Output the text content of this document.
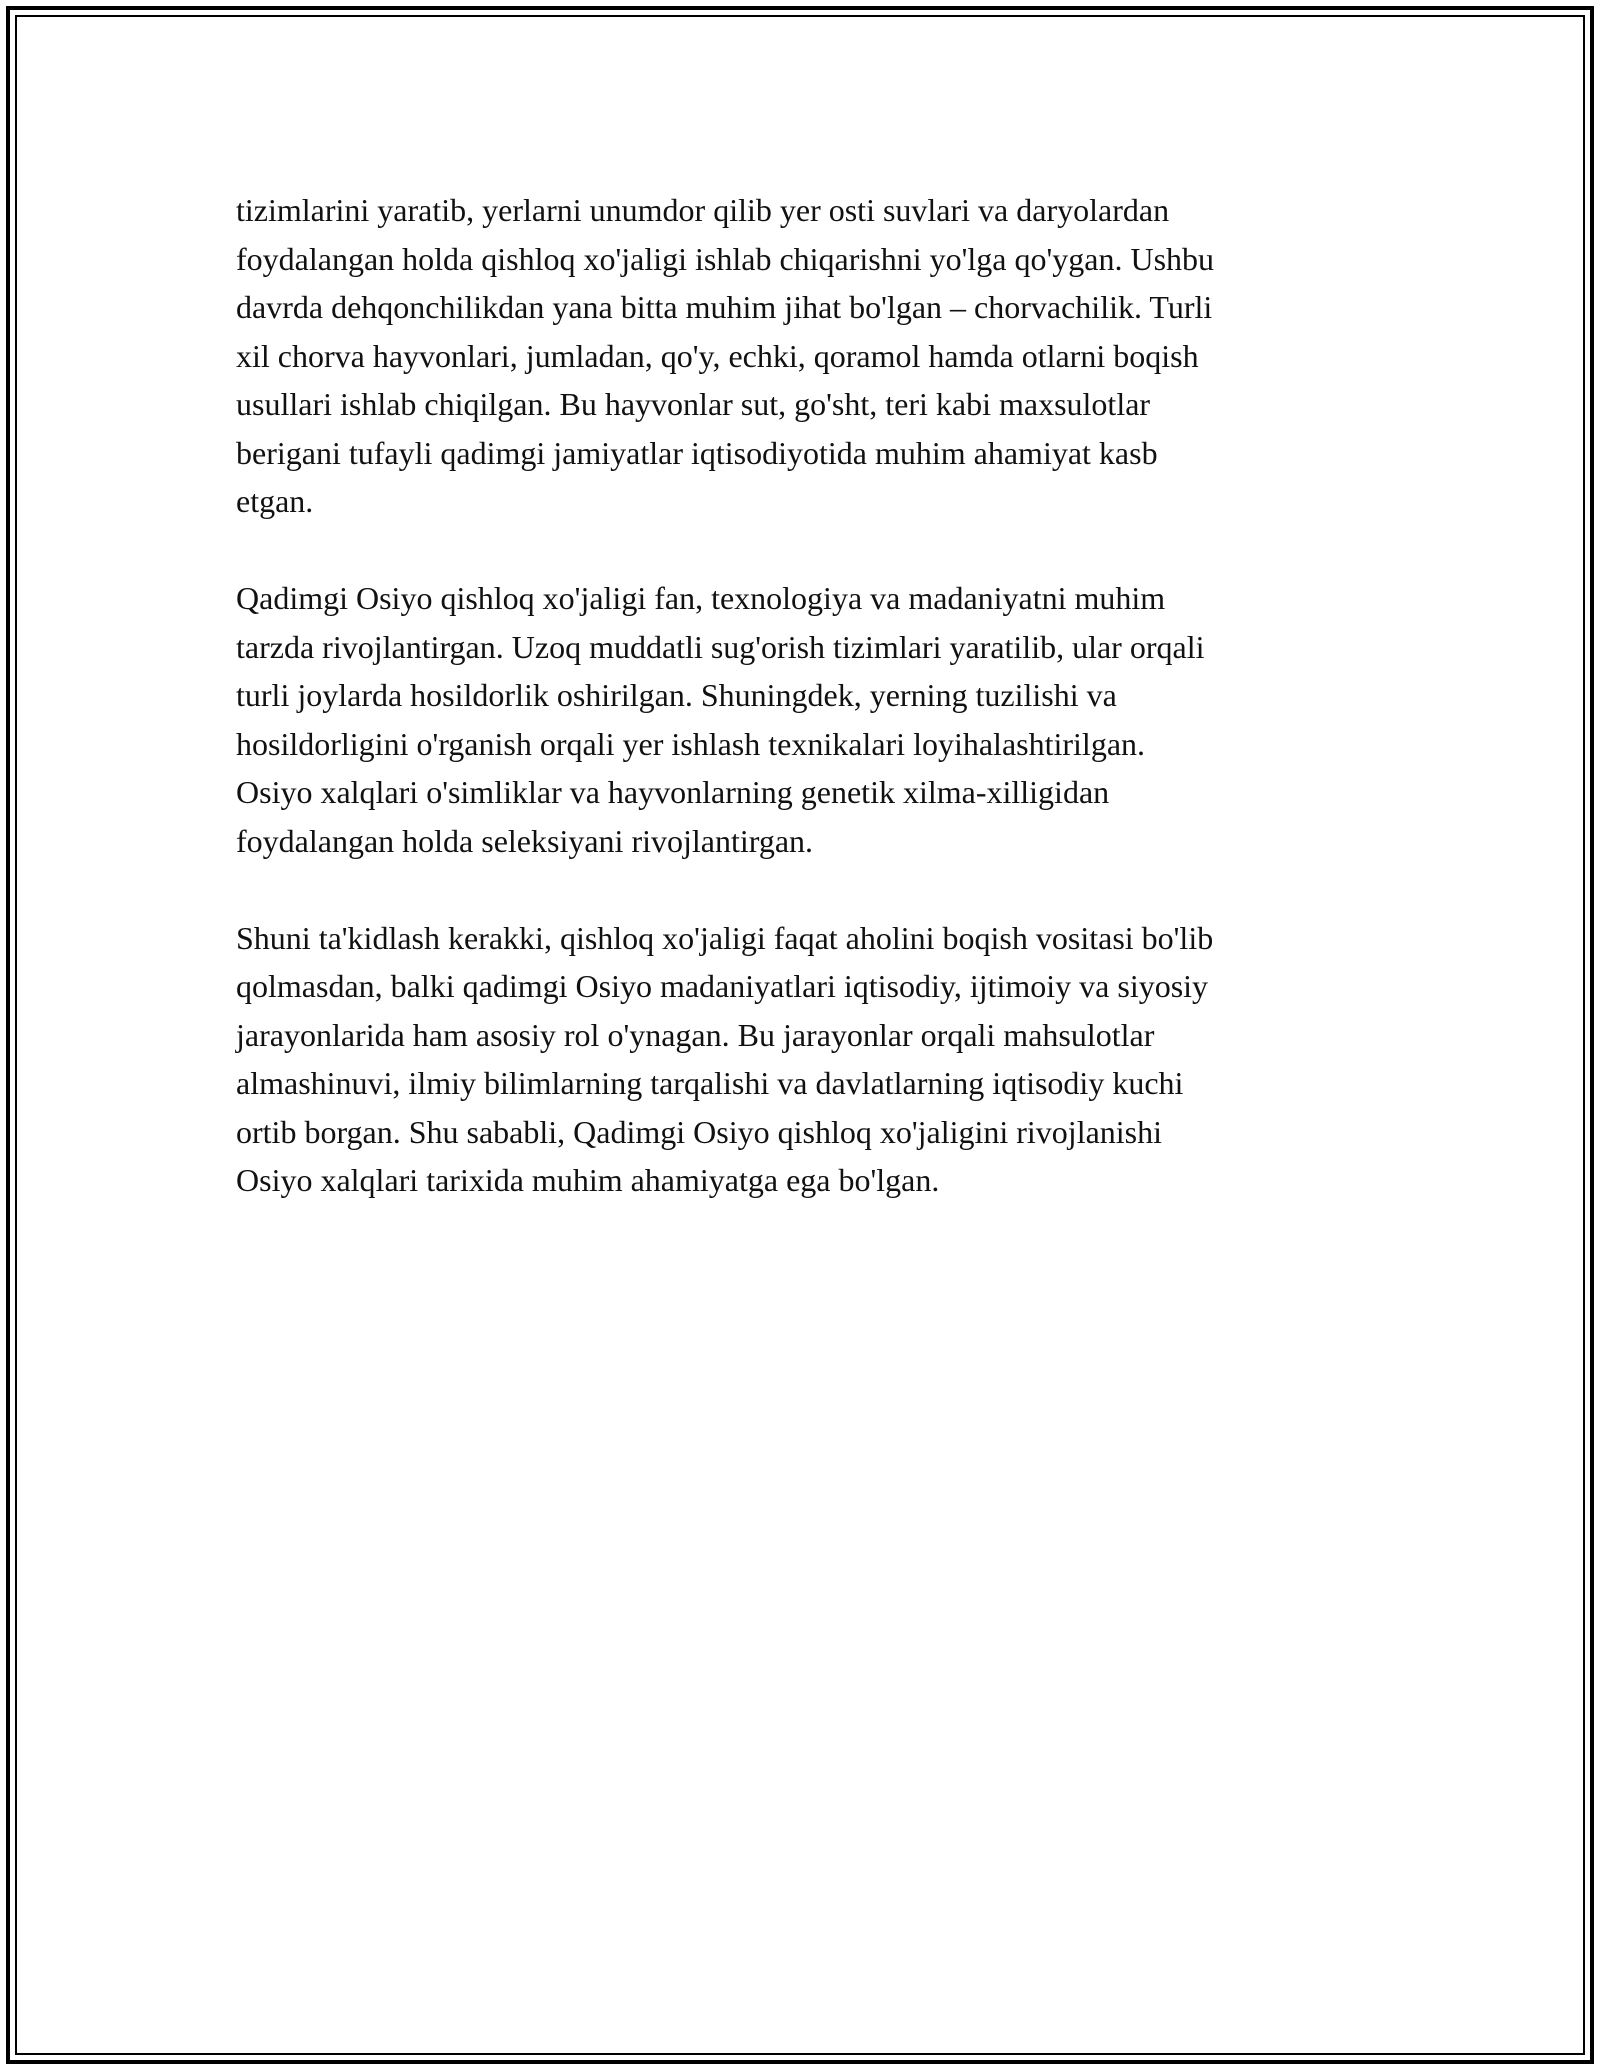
tizimlarini yaratib, yerlarni unumdor qilib yer osti suvlari va daryolardan
foydalangan holda qishloq xo'jaligi ishlab chiqarishni yo'lga qo'ygan. Ushbu
davrda dehqonchilikdan yana bitta muhim jihat bo'lgan – chorvachilik. Turli
xil chorva hayvonlari, jumladan, qo'y, echki, qoramol hamda otlarni boqish
usullari ishlab chiqilgan. Bu hayvonlar sut, go'sht, teri kabi maxsulotlar
berigani tufayli qadimgi jamiyatlar iqtisodiyotida muhim ahamiyat kasb
etgan.

Qadimgi Osiyo qishloq xo'jaligi fan, texnologiya va madaniyatni muhim
tarzda rivojlantirgan. Uzoq muddatli sug'orish tizimlari yaratilib, ular orqali
turli joylarda hosildorlik oshirilgan. Shuningdek, yerning tuzilishi va
hosildorligini o'rganish orqali yer ishlash texnikalari loyihalashtirilgan.
Osiyo xalqlari o'simliklar va hayvonlarning genetik xilma-xilligidan
foydalangan holda seleksiyani rivojlantirgan.

Shuni ta'kidlash kerakki, qishloq xo'jaligi faqat aholini boqish vositasi bo'lib
qolmasdan, balki qadimgi Osiyo madaniyatlari iqtisodiy, ijtimoiy va siyosiy
jarayonlarida ham asosiy rol o'ynagan. Bu jarayonlar orqali mahsulotlar
almashinuvi, ilmiy bilimlarning tarqalishi va davlatlarning iqtisodiy kuchi
ortib borgan. Shu sababli, Qadimgi Osiyo qishloq xo'jaligini rivojlanishi
Osiyo xalqlari tarixida muhim ahamiyatga ega bo'lgan.
